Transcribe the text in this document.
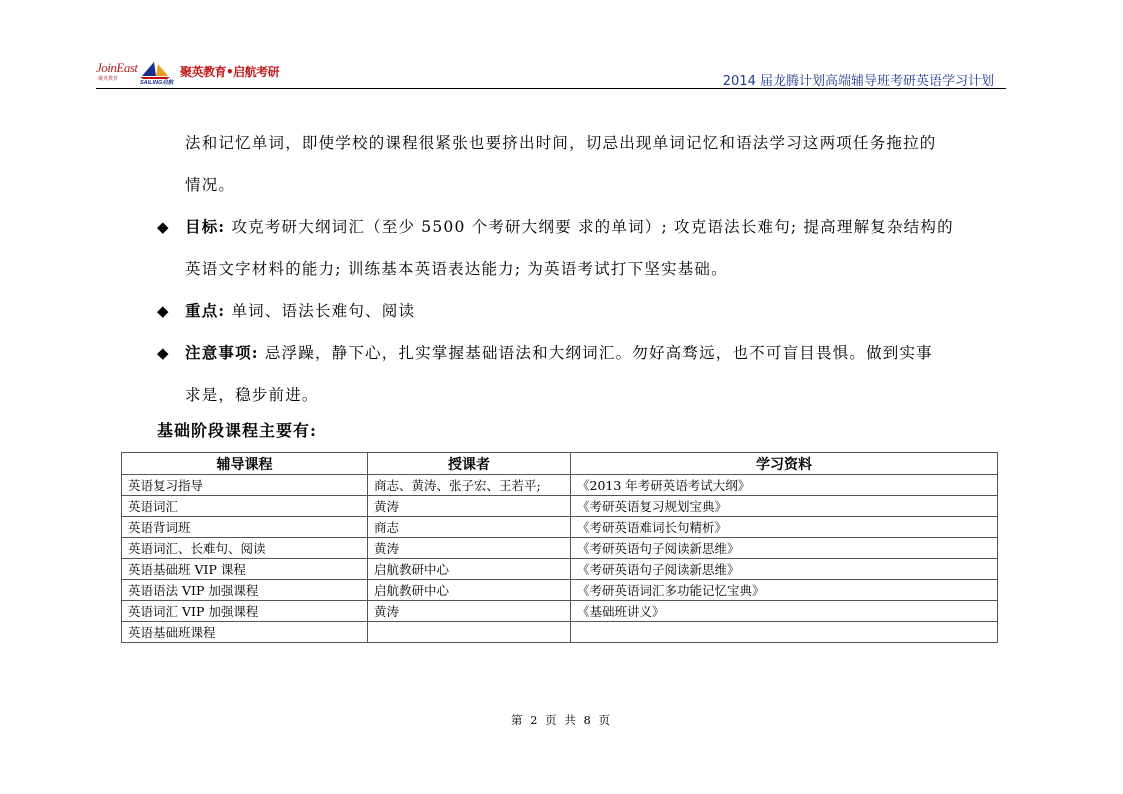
JoinEast
聚英教育
SAILING启航
聚英教育•启航考研
2014 届龙腾计划高端辅导班考研英语学习计划
法和记忆单词，即使学校的课程很紧张也要挤出时间，切忌出现单词记忆和语法学习这两项任务拖拉的
情况。
◆ 目标: 攻克考研大纲词汇（至少 5500 个考研大纲要 求的单词）; 攻克语法长难句; 提高理解复杂结构的
英语文字材料的能力; 训练基本英语表达能力; 为英语考试打下坚实基础。
◆ 重点: 单词、语法长难句、阅读
◆ 注意事项: 忌浮躁，静下心，扎实掌握基础语法和大纲词汇。勿好高骛远，也不可盲目畏惧。做到实事
求是，稳步前进。
基础阶段课程主要有:
辅导课程	授课者	学习资料
英语复习指导	商志、黄涛、张子宏、王若平;	《2013 年考研英语考试大纲》
英语词汇	黄涛	《考研英语复习规划宝典》
英语背词班	商志	《考研英语难词长句精析》
英语词汇、长难句、阅读	黄涛	《考研英语句子阅读新思维》
英语基础班 VIP 课程	启航教研中心	《考研英语句子阅读新思维》
英语语法 VIP 加强课程	启航教研中心	《考研英语词汇多功能记忆宝典》
英语词汇 VIP 加强课程	黄涛	《基础班讲义》
英语基础班课程		
第 2 页 共 8 页
